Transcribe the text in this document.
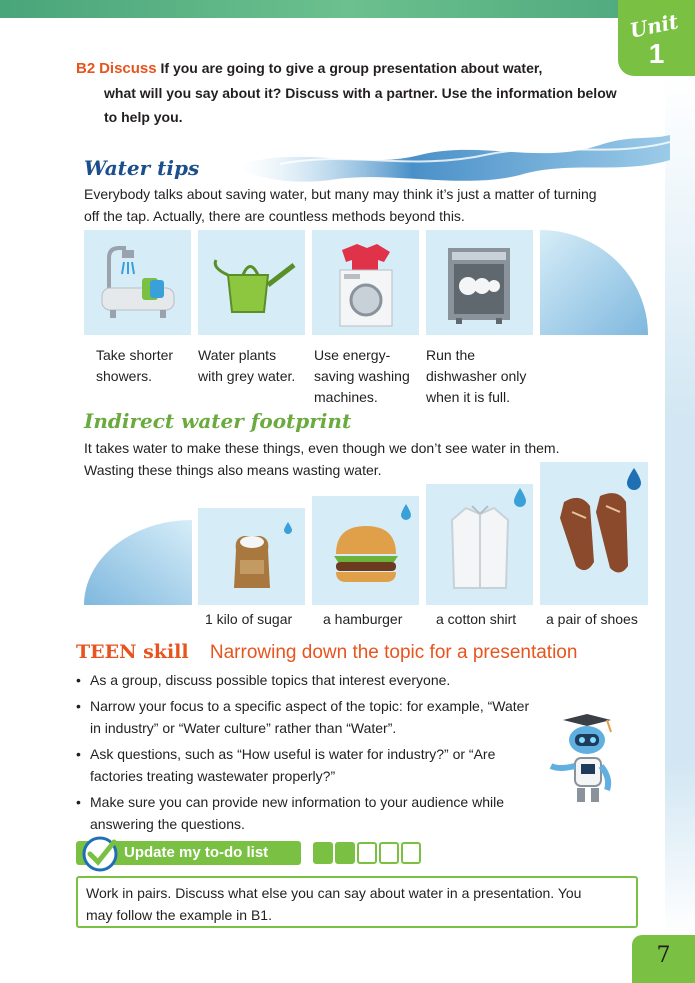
Unit
1
B2 Discuss If you are going to give a group presentation about water,
what will you say about it? Discuss with a partner. Use the information below
to help you.
Water tips
Everybody talks about saving water, but many may think it’s just a matter of turning
off the tap. Actually, there are countless methods beyond this.
Take shorter
showers.
Water plants
with grey water.
Use energy-
saving washing
machines.
Run the
dishwasher only
when it is full.
Indirect water footprint
It takes water to make these things, even though we don’t see water in them.
Wasting these things also means wasting water.
1 kilo of sugar a hamburger a cotton shirt a pair of shoes
TEEN skill Narrowing down the topic for a presentation
• As a group, discuss possible topics that interest everyone.
• Narrow your focus to a specific aspect of the topic: for example, “Water
in industry” or “Water culture” rather than “Water”.
• Ask questions, such as “How useful is water for industry?” or “Are
factories treating wastewater properly?”
• Make sure you can provide new information to your audience while
answering the questions.
Update my to-do list
Work in pairs. Discuss what else you can say about water in a presentation. You
may follow the example in B1.
7
